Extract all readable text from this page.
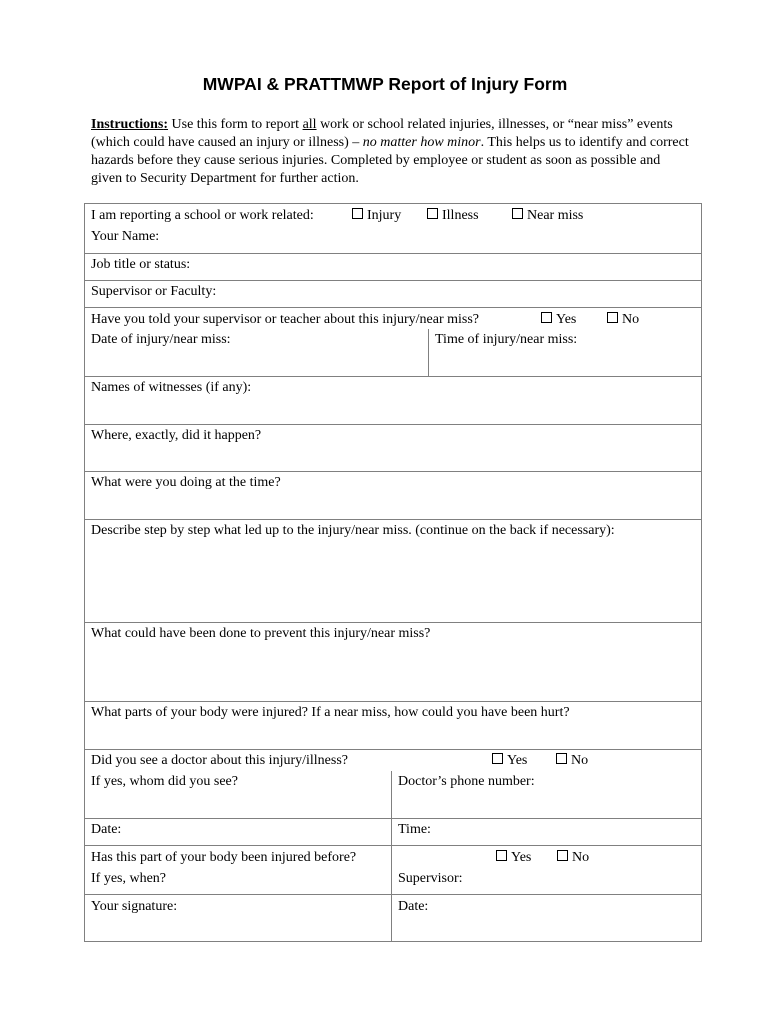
MWPAI & PRATTMWP Report of Injury Form
Instructions: Use this form to report all work or school related injuries, illnesses, or “near miss” events (which could have caused an injury or illness) – no matter how minor. This helps us to identify and correct hazards before they cause serious injuries. Completed by employee or student as soon as possible and given to Security Department for further action.
I am reporting a school or work related:	Injury	Illness	Near miss
Your Name:
Job title or status:
Supervisor or Faculty:
Have you told your supervisor or teacher about this injury/near miss?	Yes	No
Date of injury/near miss:	Time of injury/near miss:
Names of witnesses (if any):
Where, exactly, did it happen?
What were you doing at the time?
Describe step by step what led up to the injury/near miss. (continue on the back if necessary):
What could have been done to prevent this injury/near miss?
What parts of your body were injured? If a near miss, how could you have been hurt?
Did you see a doctor about this injury/illness?	Yes	No
If yes, whom did you see?	Doctor’s phone number:
Date:	Time:
Has this part of your body been injured before?	Yes	No
If yes, when?	Supervisor:
Your signature:	Date:
